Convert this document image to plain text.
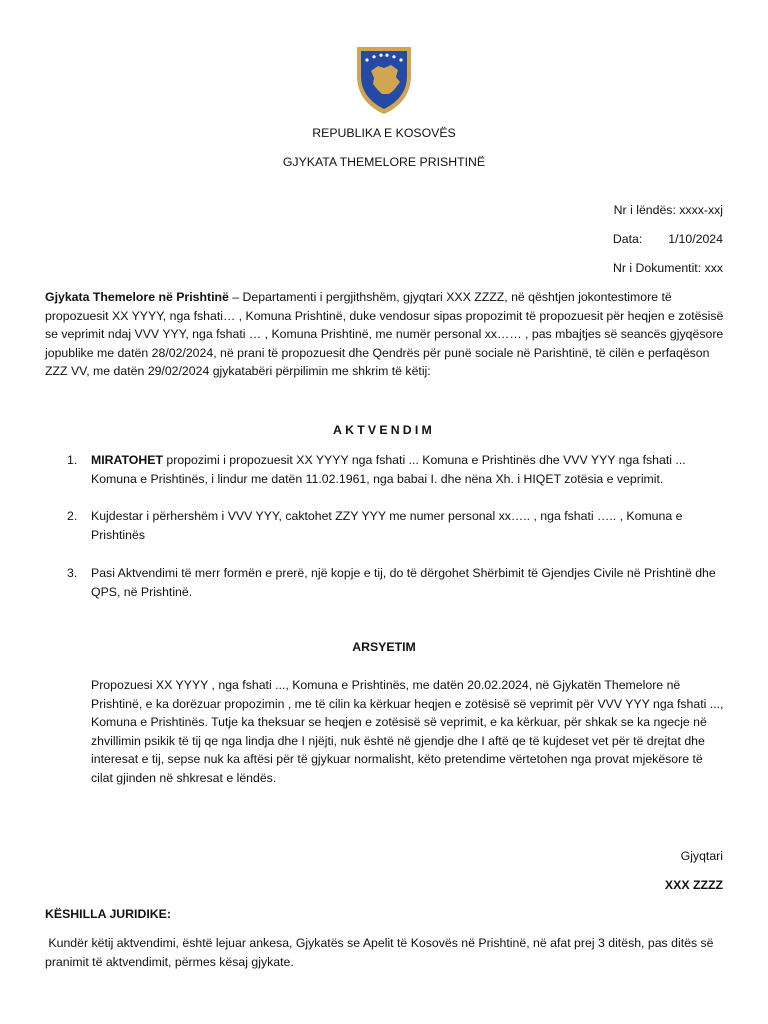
REPUBLIKA E KOSOVËS
GJYKATA THEMELORE PRISHTINË
Nr i lëndës: xxxx-xxj
Data: 1/10/2024
Nr i Dokumentit: xxx
Gjykata Themelore në Prishtinë – Departamenti i pergjithshëm, gjyqtari XXX ZZZZ, në qështjen jokontestimore të propozuesit XX YYYY, nga fshati… , Komuna Prishtinë, duke vendosur sipas propozimit të propozuesit për heqjen e zotësisë se veprimit ndaj VVV YYY, nga fshati … , Komuna Prishtinë, me numër personal xx…… , pas mbajtjes së seancës gjyqësore jopublike me datën 28/02/2024, në prani të propozuesit dhe Qendrës për punë sociale në Parishtinë, të cilën e perfaqëson ZZZ VV, me datën 29/02/2024 gjykatabëri përpilimin me shkrim të këtij:
AKTVENDIM
1. MIRATOHET propozimi i propozuesit XX YYYY nga fshati ... Komuna e Prishtinës dhe VVV YYY nga fshati ... Komuna e Prishtinës, i lindur me datën 11.02.1961, nga babai I. dhe nëna Xh. i HIQET zotësia e veprimit.
2. Kujdestar i përhershëm i VVV YYY, caktohet ZZY YYY me numer personal xx….. , nga fshati ….. , Komuna e Prishtinës
3. Pasi Aktvendimi të merr formën e prerë, një kopje e tij, do të dërgohet Shërbimit të Gjendjes Civile në Prishtinë dhe QPS, në Prishtinë.
ARSYETIM
Propozuesi XX YYYY , nga fshati ..., Komuna e Prishtinës, me datën 20.02.2024, në Gjykatën Themelore në Prishtinë, e ka dorëzuar propozimin , me të cilin ka kërkuar heqjen e zotësisë së veprimit për VVV YYY nga fshati ..., Komuna e Prishtinës. Tutje ka theksuar se heqjen e zotësisë së veprimit, e ka kërkuar, për shkak se ka ngecje në zhvillimin psikik të tij qe nga lindja dhe I njëjti, nuk është në gjendje dhe I aftë qe të kujdeset vet për të drejtat dhe interesat e tij, sepse nuk ka aftësi për të gjykuar normalisht, këto pretendime vërtetohen nga provat mjekësore të cilat gjinden në shkresat e lëndës.
Gjyqtari
XXX ZZZZ
KËSHILLA JURIDIKE:
Kundër këtij aktvendimi, është lejuar ankesa, Gjykatës se Apelit të Kosovës në Prishtinë, në afat prej 3 ditësh, pas ditës së pranimit të aktvendimit, përmes kësaj gjykate.
